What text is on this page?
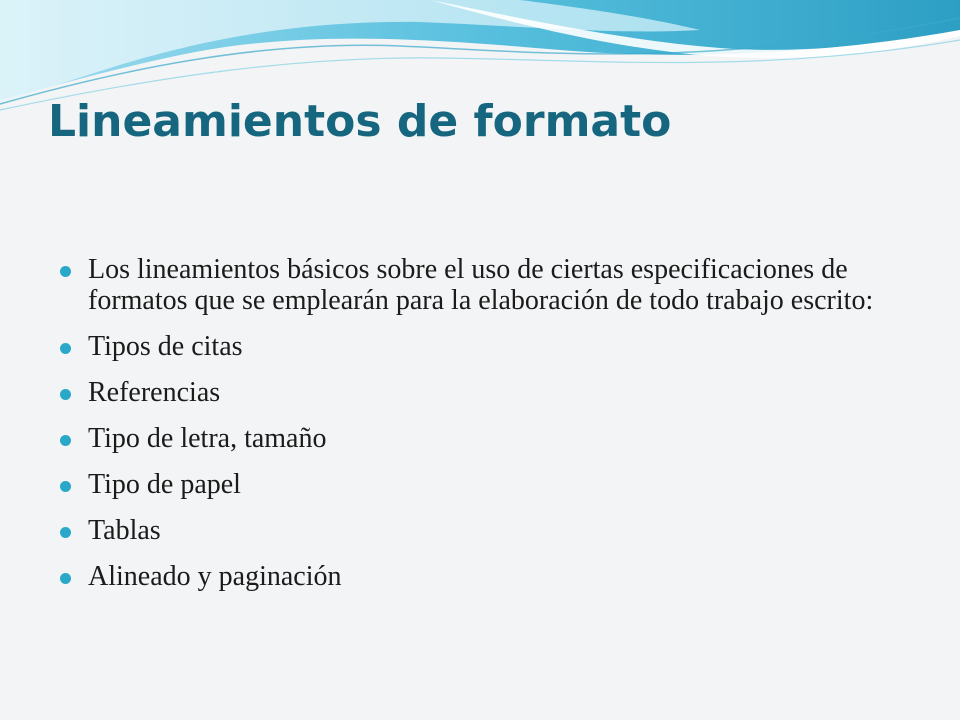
Lineamientos de formato
Los lineamientos básicos sobre el uso de ciertas especificaciones de formatos que se emplearán para la elaboración de todo trabajo escrito:
Tipos de citas
Referencias
Tipo de letra, tamaño
Tipo de papel
Tablas
Alineado y paginación
